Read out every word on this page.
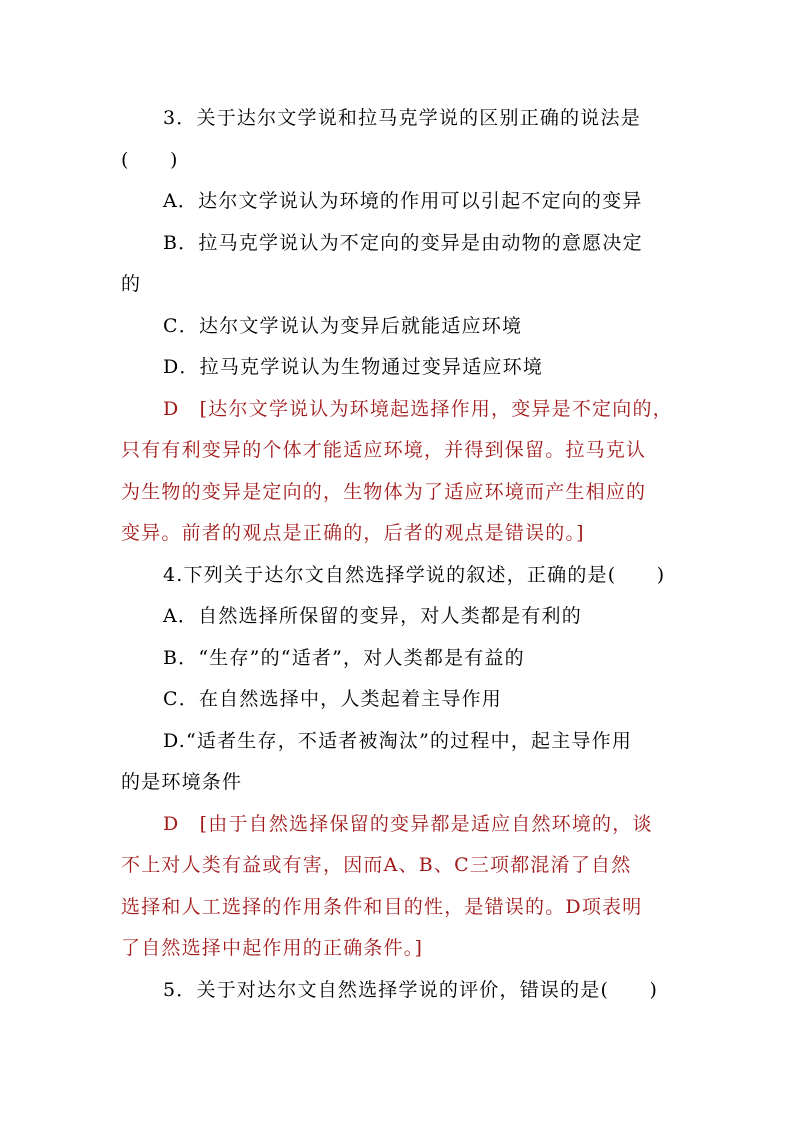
3．关于达尔文学说和拉马克学说的区别正确的说法是
(　　)
A．达尔文学说认为环境的作用可以引起不定向的变异
B．拉马克学说认为不定向的变异是由动物的意愿决定
的
C．达尔文学说认为变异后就能适应环境
D．拉马克学说认为生物通过变异适应环境
D　[达尔文学说认为环境起选择作用，变异是不定向的，
只有有利变异的个体才能适应环境，并得到保留。拉马克认
为生物的变异是定向的，生物体为了适应环境而产生相应的
变异。前者的观点是正确的，后者的观点是错误的。]
4.下列关于达尔文自然选择学说的叙述，正确的是(　　)
A．自然选择所保留的变异，对人类都是有利的
B．“生存”的“适者”，对人类都是有益的
C．在自然选择中，人类起着主导作用
D.“适者生存，不适者被淘汰”的过程中，起主导作用
的是环境条件
D　[由于自然选择保留的变异都是适应自然环境的，谈
不上对人类有益或有害，因而A、B、C三项都混淆了自然
选择和人工选择的作用条件和目的性，是错误的。D项表明
了自然选择中起作用的正确条件。]
5．关于对达尔文自然选择学说的评价，错误的是(　　)
